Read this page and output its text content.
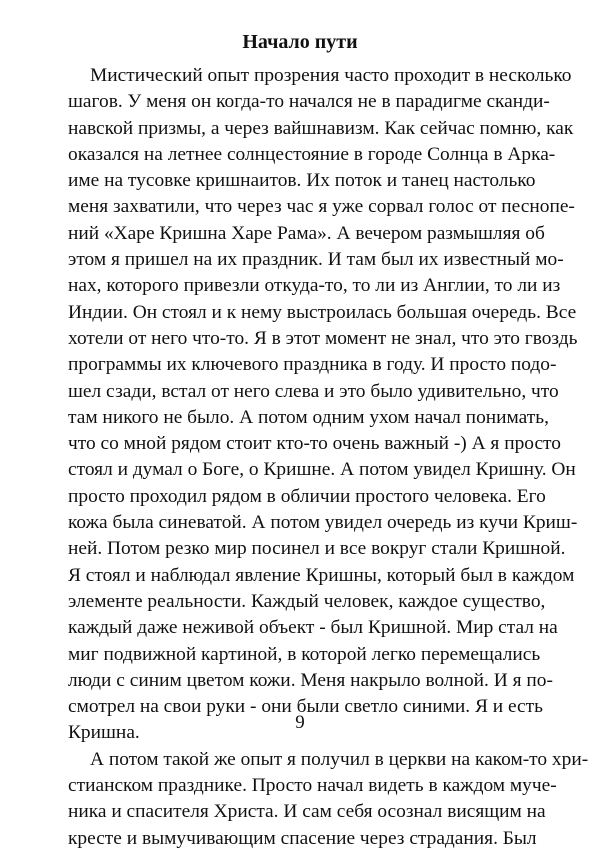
Начало пути
Мистический опыт прозрения часто проходит в несколько
шагов. У меня он когда-то начался не в парадигме сканди-
навской призмы, а через вайшнавизм. Как сейчас помню, как
оказался на летнее солнцестояние в городе Солнца в Арка-
име на тусовке кришнаитов. Их поток и танец настолько
меня захватили, что через час я уже сорвал голос от песнопе-
ний «Харе Кришна Харе Рама». А вечером размышляя об
этом я пришел на их праздник. И там был их известный мо-
нах, которого привезли откуда-то, то ли из Англии, то ли из
Индии. Он стоял и к нему выстроилась большая очередь. Все
хотели от него что-то. Я в этот момент не знал, что это гвоздь
программы их ключевого праздника в году. И просто подо-
шел сзади, встал от него слева и это было удивительно, что
там никого не было. А потом одним ухом начал понимать,
что со мной рядом стоит кто-то очень важный -) А я просто
стоял и думал о Боге, о Кришне. А потом увидел Кришну. Он
просто проходил рядом в обличии простого человека. Его
кожа была синеватой. А потом увидел очередь из кучи Криш-
ней. Потом резко мир посинел и все вокруг стали Кришной.
Я стоял и наблюдал явление Кришны, который был в каждом
элементе реальности. Каждый человек, каждое существо,
каждый даже неживой объект - был Кришной. Мир стал на
миг подвижной картиной, в которой легко перемещались
люди с синим цветом кожи. Меня накрыло волной. И я по-
смотрел на свои руки - они были светло синими. Я и есть
Кришна.
А потом такой же опыт я получил в церкви на каком-то хри-
стианском празднике. Просто начал видеть в каждом муче-
ника и спасителя Христа. И сам себя осознал висящим на
кресте и вымучивающим спасение через страдания. Был
9
